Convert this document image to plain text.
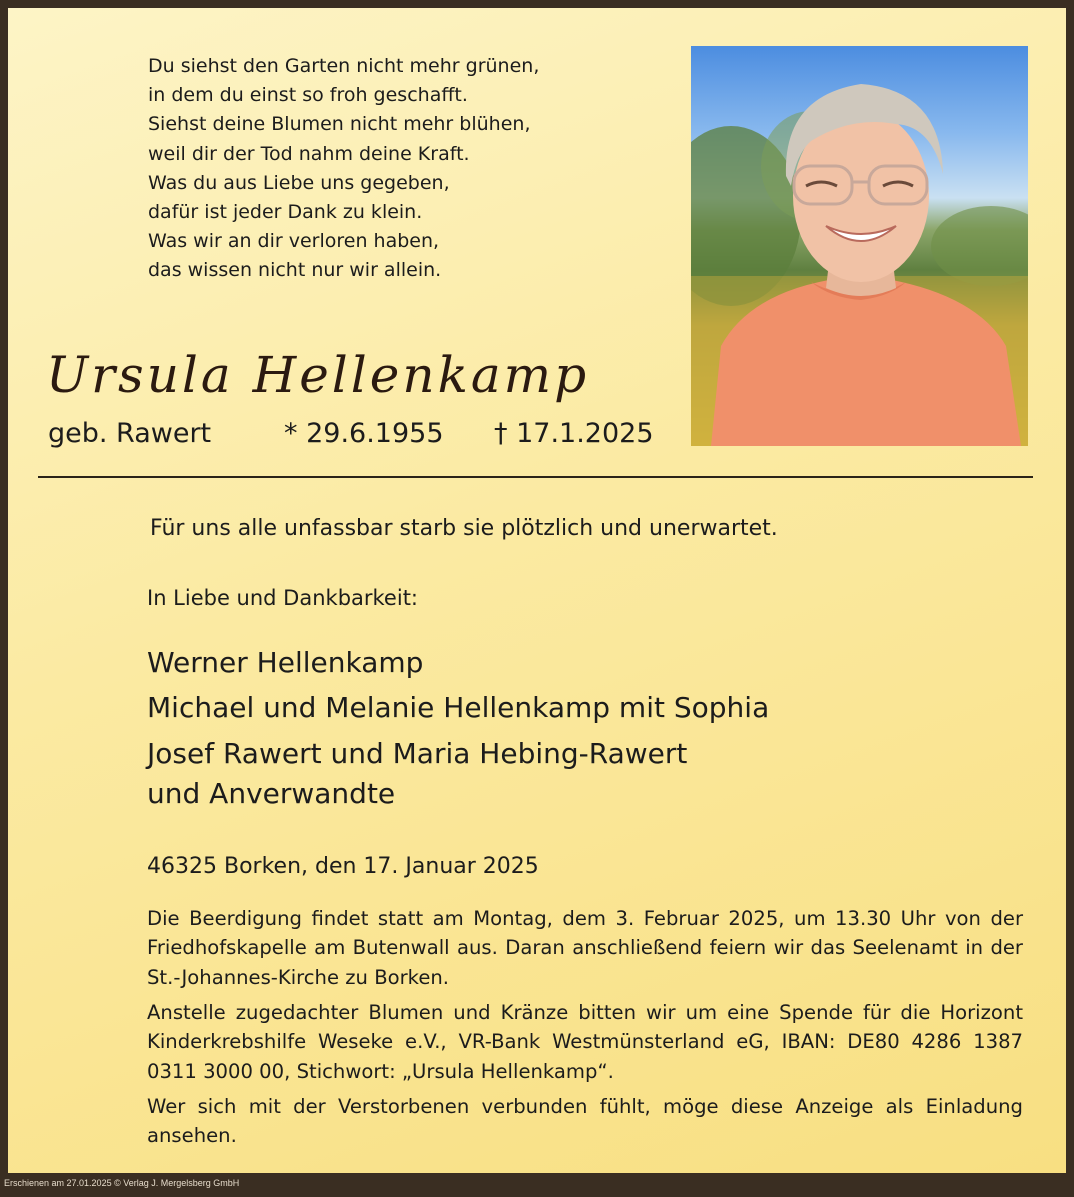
Du siehst den Garten nicht mehr grünen,
in dem du einst so froh geschafft.
Siehst deine Blumen nicht mehr blühen,
weil dir der Tod nahm deine Kraft.
Was du aus Liebe uns gegeben,
dafür ist jeder Dank zu klein.
Was wir an dir verloren haben,
das wissen nicht nur wir allein.
Ursula Hellenkamp
geb. Rawert	* 29.6.1955 † 17.1.2025
Für uns alle unfassbar starb sie plötzlich und unerwartet.
In Liebe und Dankbarkeit:
Werner Hellenkamp
Michael und Melanie Hellenkamp mit Sophia
Josef Rawert und Maria Hebing-Rawert
und Anverwandte
46325 Borken, den 17. Januar 2025
Die Beerdigung findet statt am Montag, dem 3. Februar 2025, um 13.30 Uhr von der Friedhofskapelle am Butenwall aus. Daran anschließend feiern wir das Seelenamt in der St.-Johannes-Kirche zu Borken.
Anstelle zugedachter Blumen und Kränze bitten wir um eine Spende für die Horizont Kinderkrebshilfe Weseke e.V., VR-Bank Westmünsterland eG, IBAN: DE80 4286 1387 0311 3000 00, Stichwort: „Ursula Hellenkamp“.
Wer sich mit der Verstorbenen verbunden fühlt, möge diese Anzeige als Einladung ansehen.
Erschienen am 27.01.2025 © Verlag J. Mergelsberg GmbH
